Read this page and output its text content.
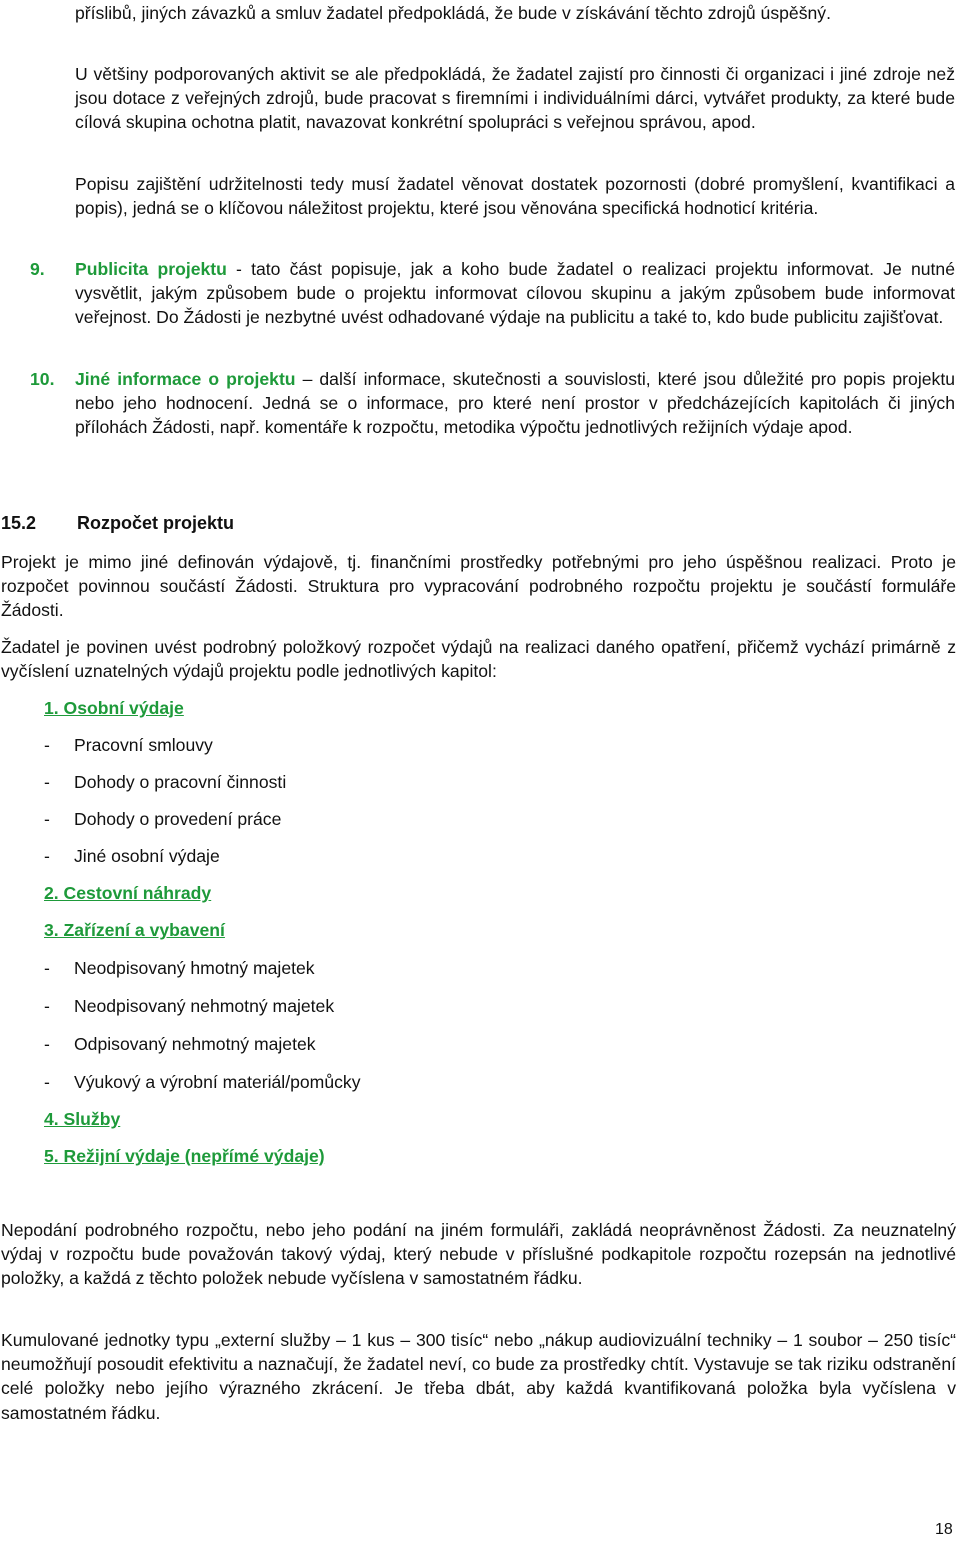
příslibů, jiných závazků a smluv žadatel předpokládá, že bude v získávání těchto zdrojů úspěšný.

U většiny podporovaných aktivit se ale předpokládá, že žadatel zajistí pro činnosti či organizaci i jiné zdroje než jsou dotace z veřejných zdrojů, bude pracovat s firemními i individuálními dárci, vytvářet produkty, za které bude cílová skupina ochotna platit, navazovat konkrétní spolupráci s veřejnou správou, apod.

Popisu zajištění udržitelnosti tedy musí žadatel věnovat dostatek pozornosti (dobré promyšlení, kvantifikaci a popis), jedná se o klíčovou náležitost projektu, které jsou věnována specifická hodnoticí kritéria.

9. Publicita projektu - tato část popisuje, jak a koho bude žadatel o realizaci projektu informovat. Je nutné vysvětlit, jakým způsobem bude o projektu informovat cílovou skupinu a jakým způsobem bude informovat veřejnost. Do Žádosti je nezbytné uvést odhadované výdaje na publicitu a také to, kdo bude publicitu zajišťovat.

10. Jiné informace o projektu – další informace, skutečnosti a souvislosti, které jsou důležité pro popis projektu nebo jeho hodnocení. Jedná se o informace, pro které není prostor v předcházejících kapitolách či jiných přílohách Žádosti, např. komentáře k rozpočtu, metodika výpočtu jednotlivých režijních výdaje apod.

15.2 Rozpočet projektu

Projekt je mimo jiné definován výdajově, tj. finančními prostředky potřebnými pro jeho úspěšnou realizaci. Proto je rozpočet povinnou součástí Žádosti. Struktura pro vypracování podrobného rozpočtu projektu je součástí formuláře Žádosti.

Žadatel je povinen uvést podrobný položkový rozpočet výdajů na realizaci daného opatření, přičemž vychází primárně z vyčíslení uznatelných výdajů projektu podle jednotlivých kapitol:

1. Osobní výdaje
- Pracovní smlouvy
- Dohody o pracovní činnosti
- Dohody o provedení práce
- Jiné osobní výdaje
2. Cestovní náhrady
3. Zařízení a vybavení
- Neodpisovaný hmotný majetek
- Neodpisovaný nehmotný majetek
- Odpisovaný nehmotný majetek
- Výukový a výrobní materiál/pomůcky
4. Služby
5. Režijní výdaje (nepřímé výdaje)

Nepodání podrobného rozpočtu, nebo jeho podání na jiném formuláři, zakládá neoprávněnost Žádosti. Za neuznatelný výdaj v rozpočtu bude považován takový výdaj, který nebude v příslušné podkapitole rozpočtu rozepsán na jednotlivé položky, a každá z těchto položek nebude vyčíslena v samostatném řádku.

Kumulované jednotky typu „externí služby – 1 kus – 300 tisíc“ nebo „nákup audiovizuální techniky – 1 soubor – 250 tisíc“ neumožňují posoudit efektivitu a naznačují, že žadatel neví, co bude za prostředky chtít. Vystavuje se tak riziku odstranění celé položky nebo jejího výrazného zkrácení. Je třeba dbát, aby každá kvantifikovaná položka byla vyčíslena v samostatném řádku.

18
